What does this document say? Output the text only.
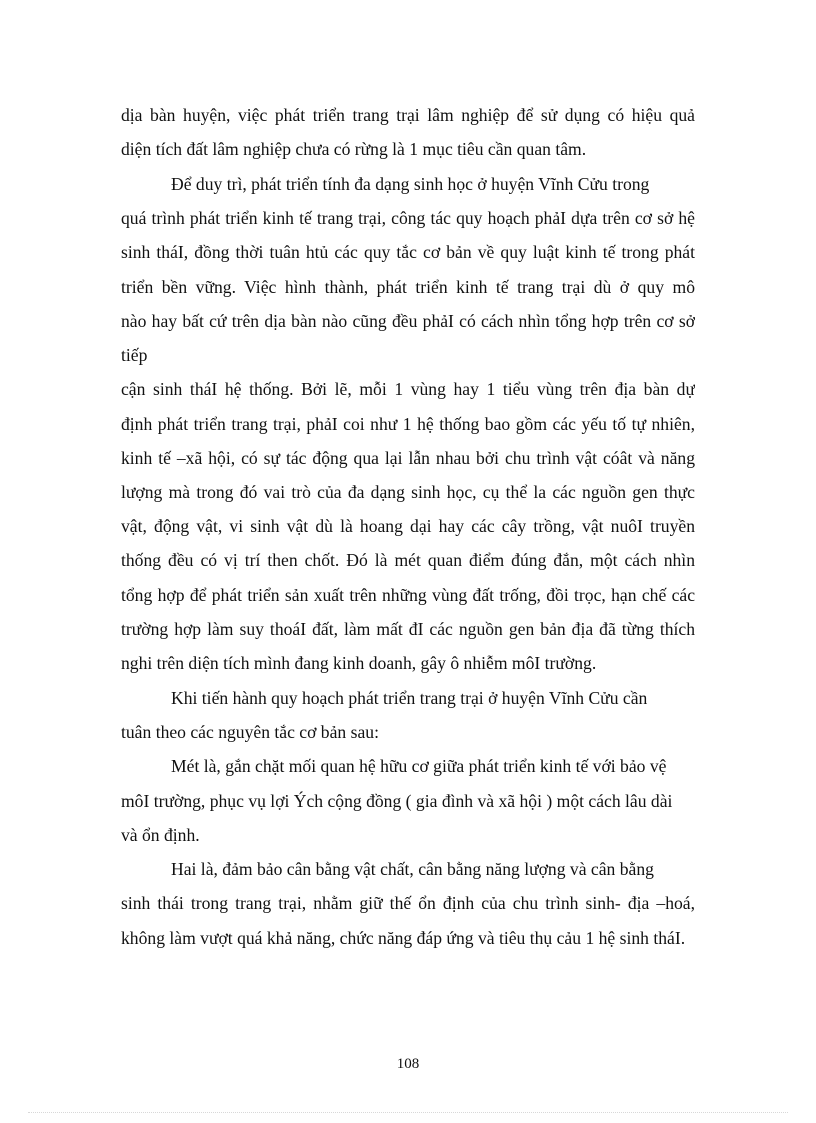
dịa bàn huyện, việc phát triển trang trại lâm nghiệp để sử dụng có hiệu quả
diện tích đất lâm nghiệp chưa có rừng là 1 mục tiêu cần quan tâm.
Để duy trì, phát triển tính đa dạng sinh học ở huyện Vĩnh Cửu trong
quá trình phát triển kinh tế trang trại, công tác quy hoạch phảI dựa trên cơ sở hệ
sinh tháI, đồng thời tuân htủ các quy tắc cơ bản về quy luật kinh tế trong phát
triển bền vững. Việc hình thành, phát triển kinh tế trang trại dù ở quy mô
nào hay bất cứ trên dịa bàn nào cũng đều phảI có cách nhìn tổng hợp trên cơ sở
tiếp
cận sinh tháI hệ thống. Bởi lẽ, mỗi 1 vùng hay 1 tiểu vùng trên địa bàn dự
định phát triển trang trại, phảI coi như 1 hệ thống bao gồm các yếu tố tự nhiên,
kinh tế –xã hội, có sự tác động qua lại lẫn nhau bởi chu trình vật cóât và năng
lượng mà trong đó vai trò của đa dạng sinh học, cụ thể la các nguồn gen thực
vật, động vật, vi sinh vật dù là hoang dại hay các cây trồng, vật nuôI truyền
thống đều có vị trí then chốt. Đó là mét quan điểm đúng đắn, một cách nhìn
tổng hợp để phát triển sản xuất trên những vùng đất trống, đồi trọc, hạn chế các
trường hợp làm suy thoáI đất, làm mất đI các nguồn gen bản địa đã từng thích
nghi trên diện tích mình đang kinh doanh, gây ô nhiễm môI trường.
Khi tiến hành quy hoạch phát triển trang trại ở huyện Vĩnh Cửu cần
tuân theo các nguyên tắc cơ bản sau:
Mét là, gắn chặt mối quan hệ hữu cơ giữa phát triển kinh tế với bảo vệ
môI trường, phục vụ lợi Ých cộng đồng ( gia đình và xã hội ) một cách lâu dài
và ổn định.
Hai là, đảm bảo cân bằng vật chất, cân bằng năng lượng và cân bằng
sinh thái trong trang trại, nhằm giữ thế ổn định của chu trình sinh- địa –hoá,
không làm vượt quá khả năng, chức năng đáp ứng và tiêu thụ cảu 1 hệ sinh tháI.
108
